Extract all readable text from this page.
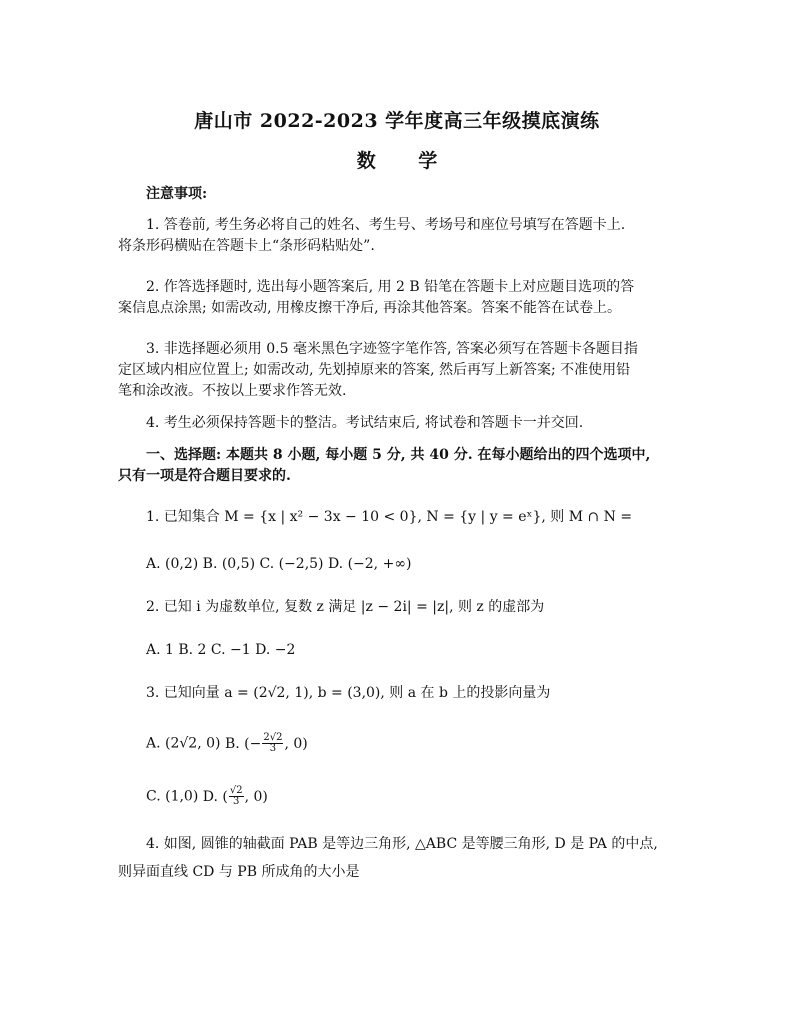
唐山市 2022-2023 学年度高三年级摸底演练
数 学
注意事项:
1. 答卷前, 考生务必将自己的姓名、考生号、考场号和座位号填写在答题卡上.
将条形码横贴在答题卡上“条形码粘贴处”.
2. 作答选择题时, 选出每小题答案后, 用 2 B 铅笔在答题卡上对应题目选项的答
案信息点涂黑; 如需改动, 用橡皮擦干净后, 再涂其他答案。答案不能答在试卷上。
3. 非选择题必须用 0.5 毫米黑色字迹签字笔作答, 答案必须写在答题卡各题目指
定区域内相应位置上; 如需改动, 先划掉原来的答案, 然后再写上新答案; 不准使用铅
笔和涂改液。不按以上要求作答无效.
4. 考生必须保持答题卡的整洁。考试结束后, 将试卷和答题卡一并交回.
一、选择题: 本题共 8 小题, 每小题 5 分, 共 40 分. 在每小题给出的四个选项中,
只有一项是符合题目要求的.
1. 已知集合 M = {x | x² − 3x − 10 < 0}, N = {y | y = eˣ}, 则 M ∩ N =
A. (0,2) B. (0,5) C. (−2,5) D. (−2, +∞)
2. 已知 i 为虚数单位, 复数 z 满足 |z − 2i| = |z|, 则 z 的虚部为
A. 1 B. 2 C. −1 D. −2
3. 已知向量 a = (2√2, 1), b = (3,0), 则 a 在 b 上的投影向量为
A. (2√2, 0) B. (− $\frac{2√2}{3}$ , 0)
C. (1,0) D. ( $\frac{√2}{3}$ , 0)
4. 如图, 圆锥的轴截面 PAB 是等边三角形, △ABC 是等腰三角形, D 是 PA 的中点,
则异面直线 CD 与 PB 所成角的大小是
